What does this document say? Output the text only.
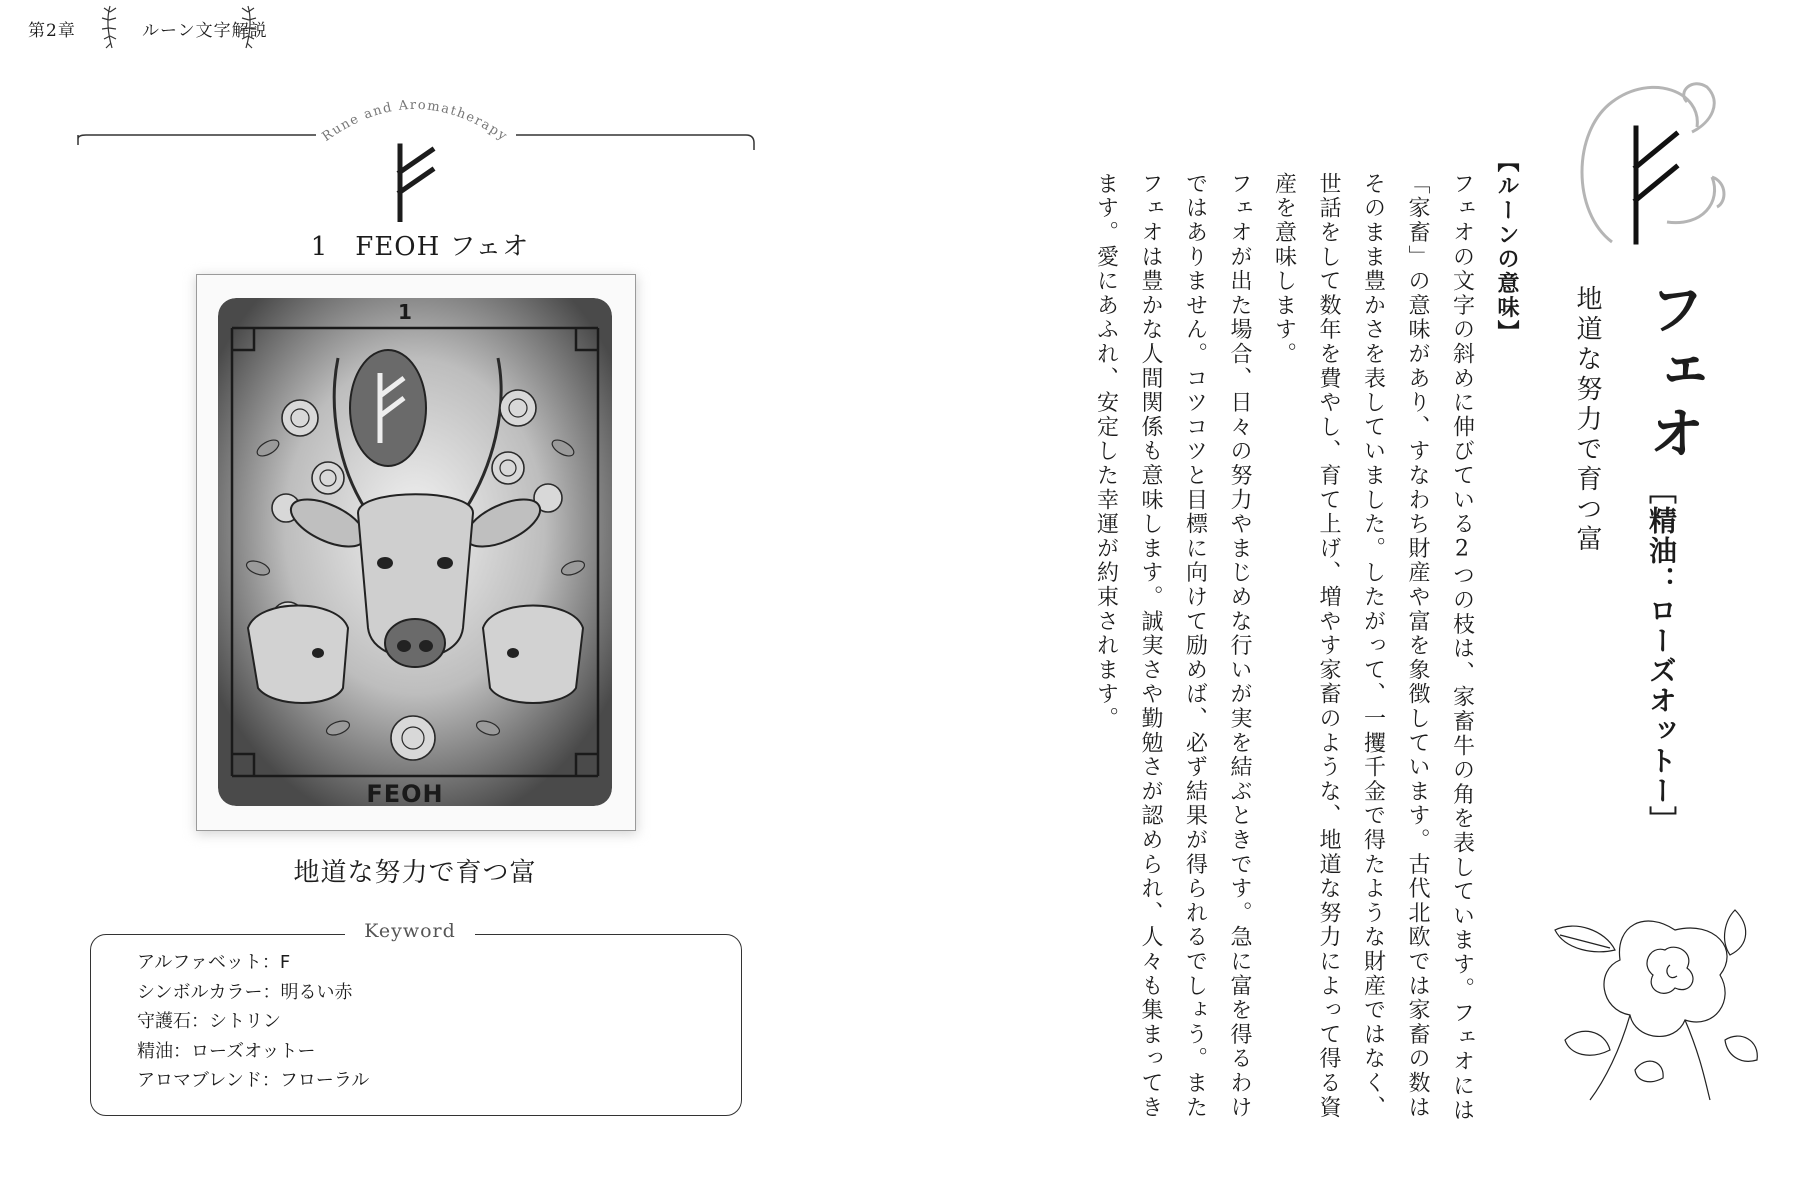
第2章	ルーン文字解説
Rune and Aromatherapy
1　FEOH フェオ
1
FEOH
地道な努力で育つ富
Keyword
アルファベット：F
シンボルカラー：明るい赤
守護石：シトリン
精油：ローズオットー
アロマブレンド：フローラル
フェオ
［精油：ローズオットー］
地道な努力で育つ富

【ルーンの意味】

フェオの文字の斜めに伸びている2つの枝は、家畜牛の角を表しています。フェオには「家畜」の意味があり、すなわち財産や富を象徴しています。古代北欧では家畜の数はそのまま豊かさを表していました。したがって、一攫千金で得たような財産ではなく、世話をして数年を費やし、育て上げ、増やす家畜のような、地道な努力によって得る資産を意味します。

フェオが出た場合、日々の努力やまじめな行いが実を結ぶときです。急に富を得るわけではありません。コツコツと目標に向けて励めば、必ず結果が得られるでしょう。またフェオは豊かな人間関係も意味します。誠実さや勤勉さが認められ、人々も集まってきます。愛にあふれ、安定した幸運が約束されます。
